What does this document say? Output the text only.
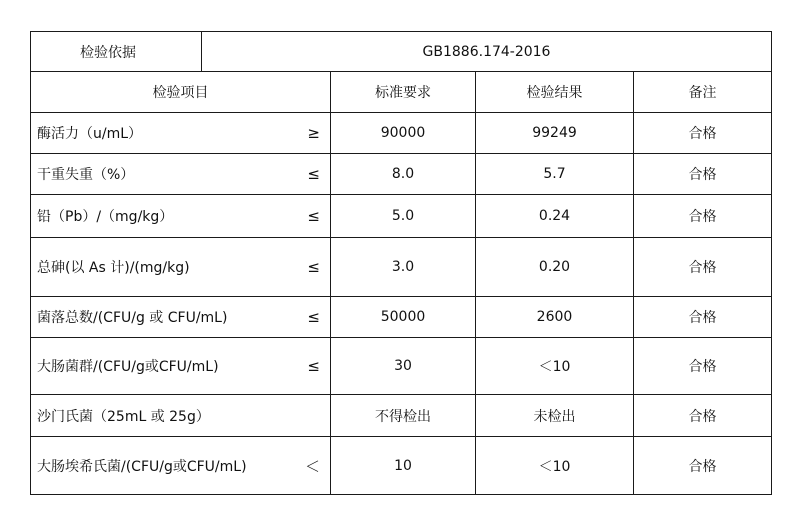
检验依据	GB1886.174-2016			
检验项目		标准要求	检验结果	备注
酶活力（u/mL） ≥		90000	99249	合格
干重失重（%） ≤		8.0	5.7	合格
铅（Pb）/（mg/kg） ≤		5.0	0.24	合格
总砷(以 As 计)/(mg/kg) ≤		3.0	0.20	合格
菌落总数/(CFU/g 或 CFU/mL) ≤		50000	2600	合格
大肠菌群/(CFU/g或CFU/mL) ≤		30	＜10	合格
沙门氏菌（25mL 或 25g）		不得检出	未检出	合格
大肠埃希氏菌/(CFU/g或CFU/mL) ＜		10	＜10	合格
